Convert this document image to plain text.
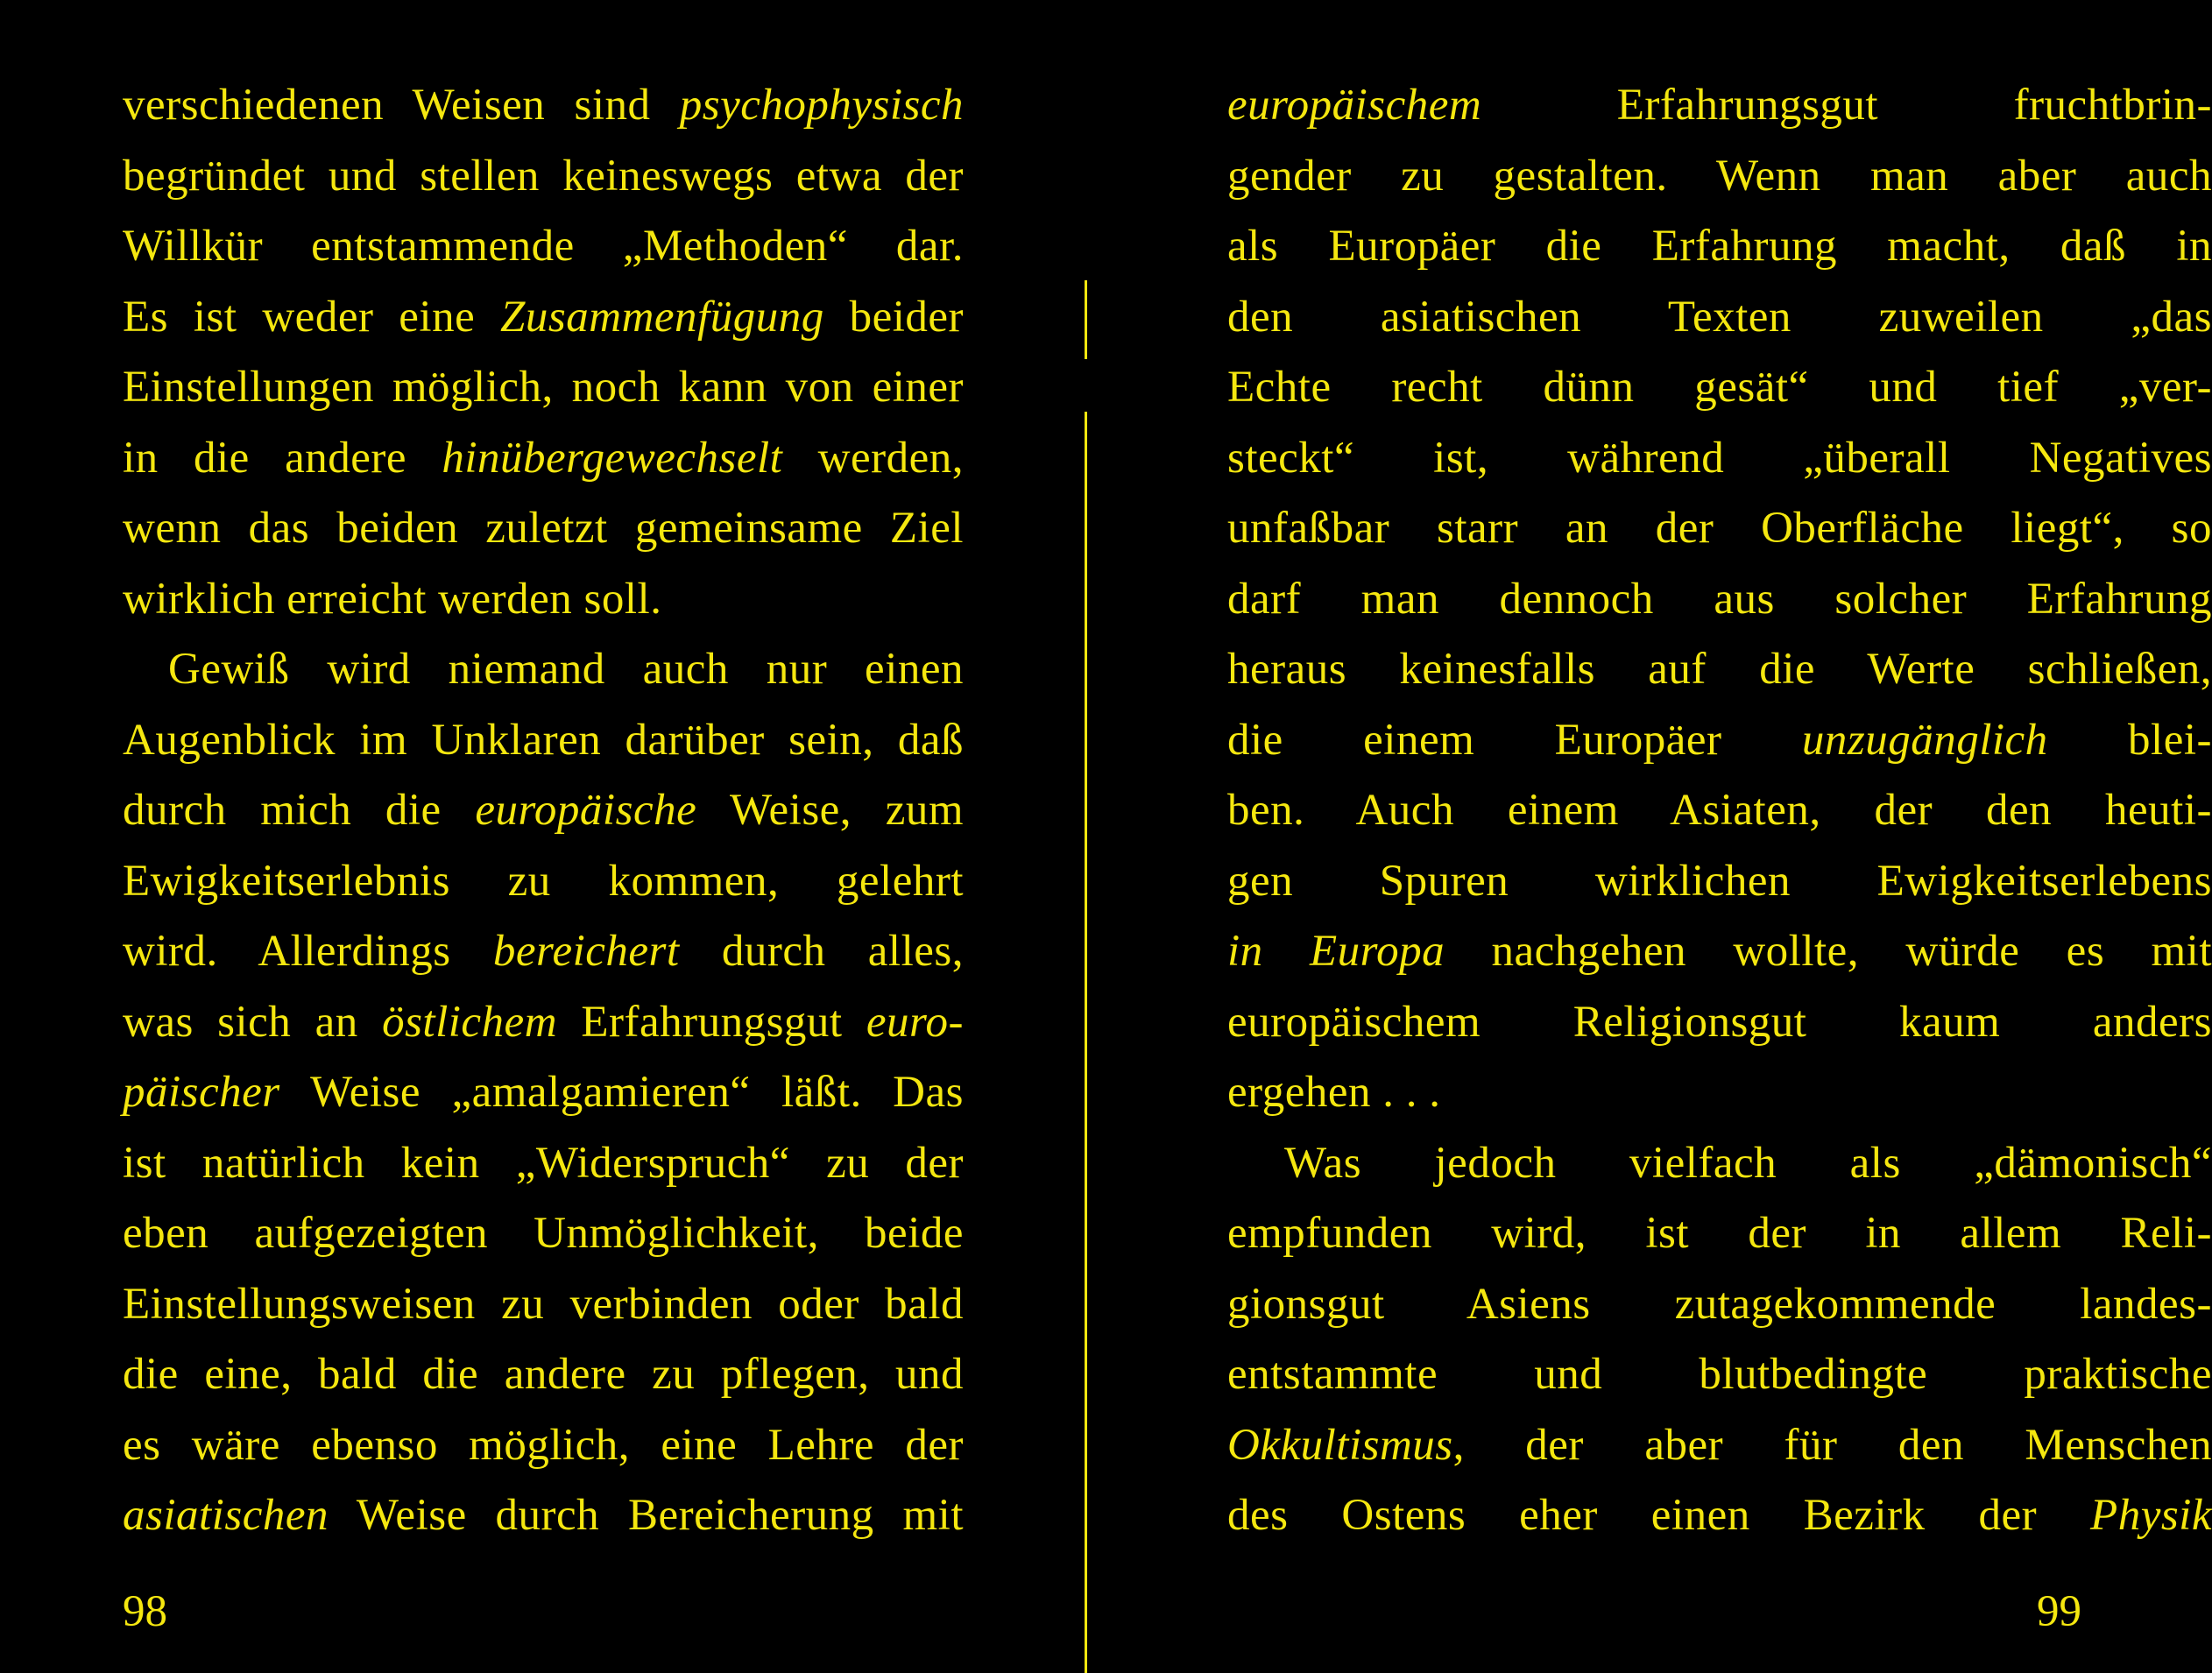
verschiedenen Weisen sind psychophysisch
begründet und stellen keineswegs etwa der
Willkür entstammende „Methoden“ dar.
Es ist weder eine Zusammenfügung beider
Einstellungen möglich, noch kann von einer
in die andere hinübergewechselt werden,
wenn das beiden zuletzt gemeinsame Ziel
wirklich erreicht werden soll.
Gewiß wird niemand auch nur einen
Augenblick im Unklaren darüber sein, daß
durch mich die europäische Weise, zum
Ewigkeitserlebnis zu kommen, gelehrt
wird. Allerdings bereichert durch alles,
was sich an östlichem Erfahrungsgut euro-
päischer Weise „amalgamieren“ läßt. Das
ist natürlich kein „Widerspruch“ zu der
eben aufgezeigten Unmöglichkeit, beide
Einstellungsweisen zu verbinden oder bald
die eine, bald die andere zu pflegen, und
es wäre ebenso möglich, eine Lehre der
asiatischen Weise durch Bereicherung mit
98
europäischem Erfahrungsgut fruchtbrin-
gender zu gestalten. Wenn man aber auch
als Europäer die Erfahrung macht, daß in
den asiatischen Texten zuweilen „das
Echte recht dünn gesät“ und tief „ver-
steckt“ ist, während „überall Negatives
unfaßbar starr an der Oberfläche liegt“, so
darf man dennoch aus solcher Erfahrung
heraus keinesfalls auf die Werte schließen,
die einem Europäer unzugänglich blei-
ben. Auch einem Asiaten, der den heuti-
gen Spuren wirklichen Ewigkeitserlebens
in Europa nachgehen wollte, würde es mit
europäischem Religionsgut kaum anders
ergehen . . .
Was jedoch vielfach als „dämonisch“
empfunden wird, ist der in allem Reli-
gionsgut Asiens zutagekommende landes-
entstammte und blutbedingte praktische
Okkultismus, der aber für den Menschen
des Ostens eher einen Bezirk der Physik
99
